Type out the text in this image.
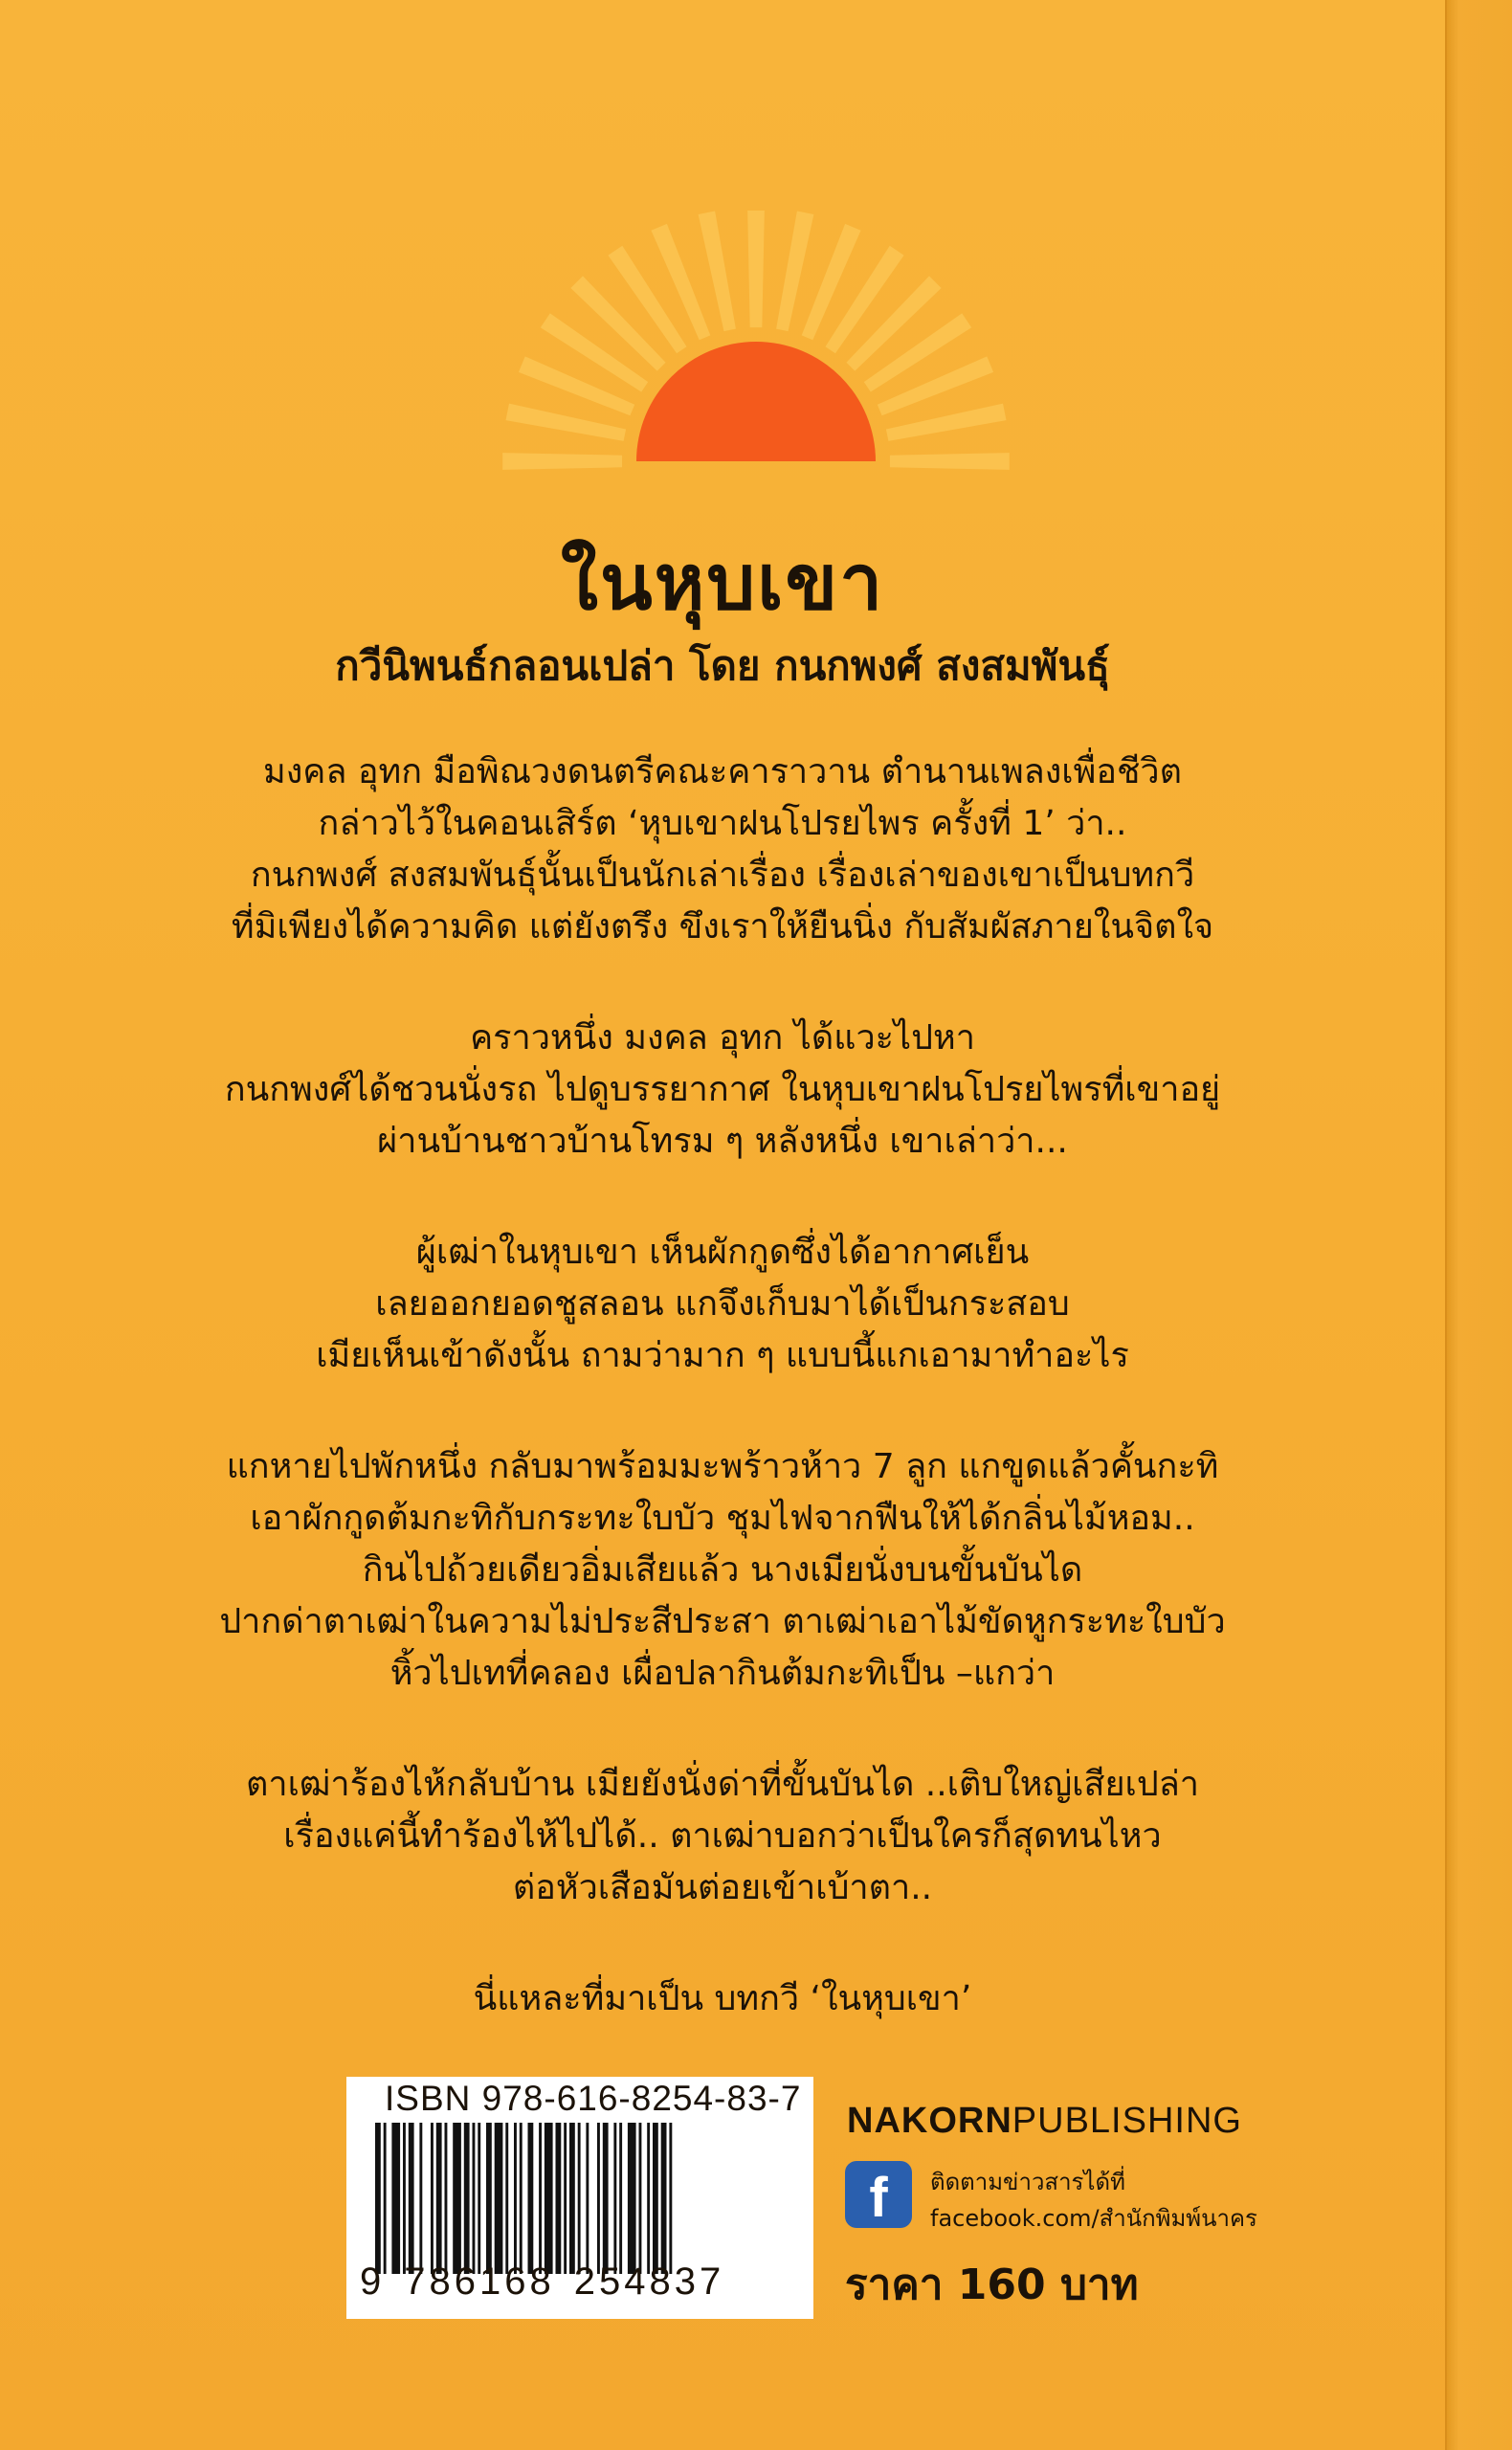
ในหุบเขา
กวีนิพนธ์กลอนเปล่า โดย กนกพงศ์ สงสมพันธุ์
มงคล อุทก มือพิณวงดนตรีคณะคาราวาน ตำนานเพลงเพื่อชีวิต
กล่าวไว้ในคอนเสิร์ต ‘หุบเขาฝนโปรยไพร ครั้งที่ 1’ ว่า..
กนกพงศ์ สงสมพันธุ์นั้นเป็นนักเล่าเรื่อง เรื่องเล่าของเขาเป็นบทกวี
ที่มิเพียงได้ความคิด แต่ยังตรึง ขึงเราให้ยืนนิ่ง กับสัมผัสภายในจิตใจ
คราวหนึ่ง มงคล อุทก ได้แวะไปหา
กนกพงศ์ได้ชวนนั่งรถ ไปดูบรรยากาศ ในหุบเขาฝนโปรยไพรที่เขาอยู่
ผ่านบ้านชาวบ้านโทรม ๆ หลังหนึ่ง เขาเล่าว่า...
ผู้เฒ่าในหุบเขา เห็นผักกูดซึ่งได้อากาศเย็น
เลยออกยอดชูสลอน แกจึงเก็บมาได้เป็นกระสอบ
เมียเห็นเข้าดังนั้น ถามว่ามาก ๆ แบบนี้แกเอามาทำอะไร
แกหายไปพักหนึ่ง กลับมาพร้อมมะพร้าวห้าว 7 ลูก แกขูดแล้วคั้นกะทิ
เอาผักกูดต้มกะทิกับกระทะใบบัว ชุมไฟจากฟืนให้ได้กลิ่นไม้หอม..
กินไปถ้วยเดียวอิ่มเสียแล้ว นางเมียนั่งบนขั้นบันได
ปากด่าตาเฒ่าในความไม่ประสีประสา ตาเฒ่าเอาไม้ขัดหูกระทะใบบัว
หิ้วไปเทที่คลอง เผื่อปลากินต้มกะทิเป็น –แกว่า
ตาเฒ่าร้องไห้กลับบ้าน เมียยังนั่งด่าที่ขั้นบันได ..เติบใหญ่เสียเปล่า
เรื่องแค่นี้ทำร้องไห้ไปได้.. ตาเฒ่าบอกว่าเป็นใครก็สุดทนไหว
ต่อหัวเสือมันต่อยเข้าเบ้าตา..
นี่แหละที่มาเป็น บทกวี ‘ในหุบเขา’
ISBN 978-616-8254-83-7
9 786168 254837
NAKORNPUBLISHING
f	ติดตามข่าวสารได้ที่
facebook.com/สำนักพิมพ์นาคร
ราคา 160 บาท
